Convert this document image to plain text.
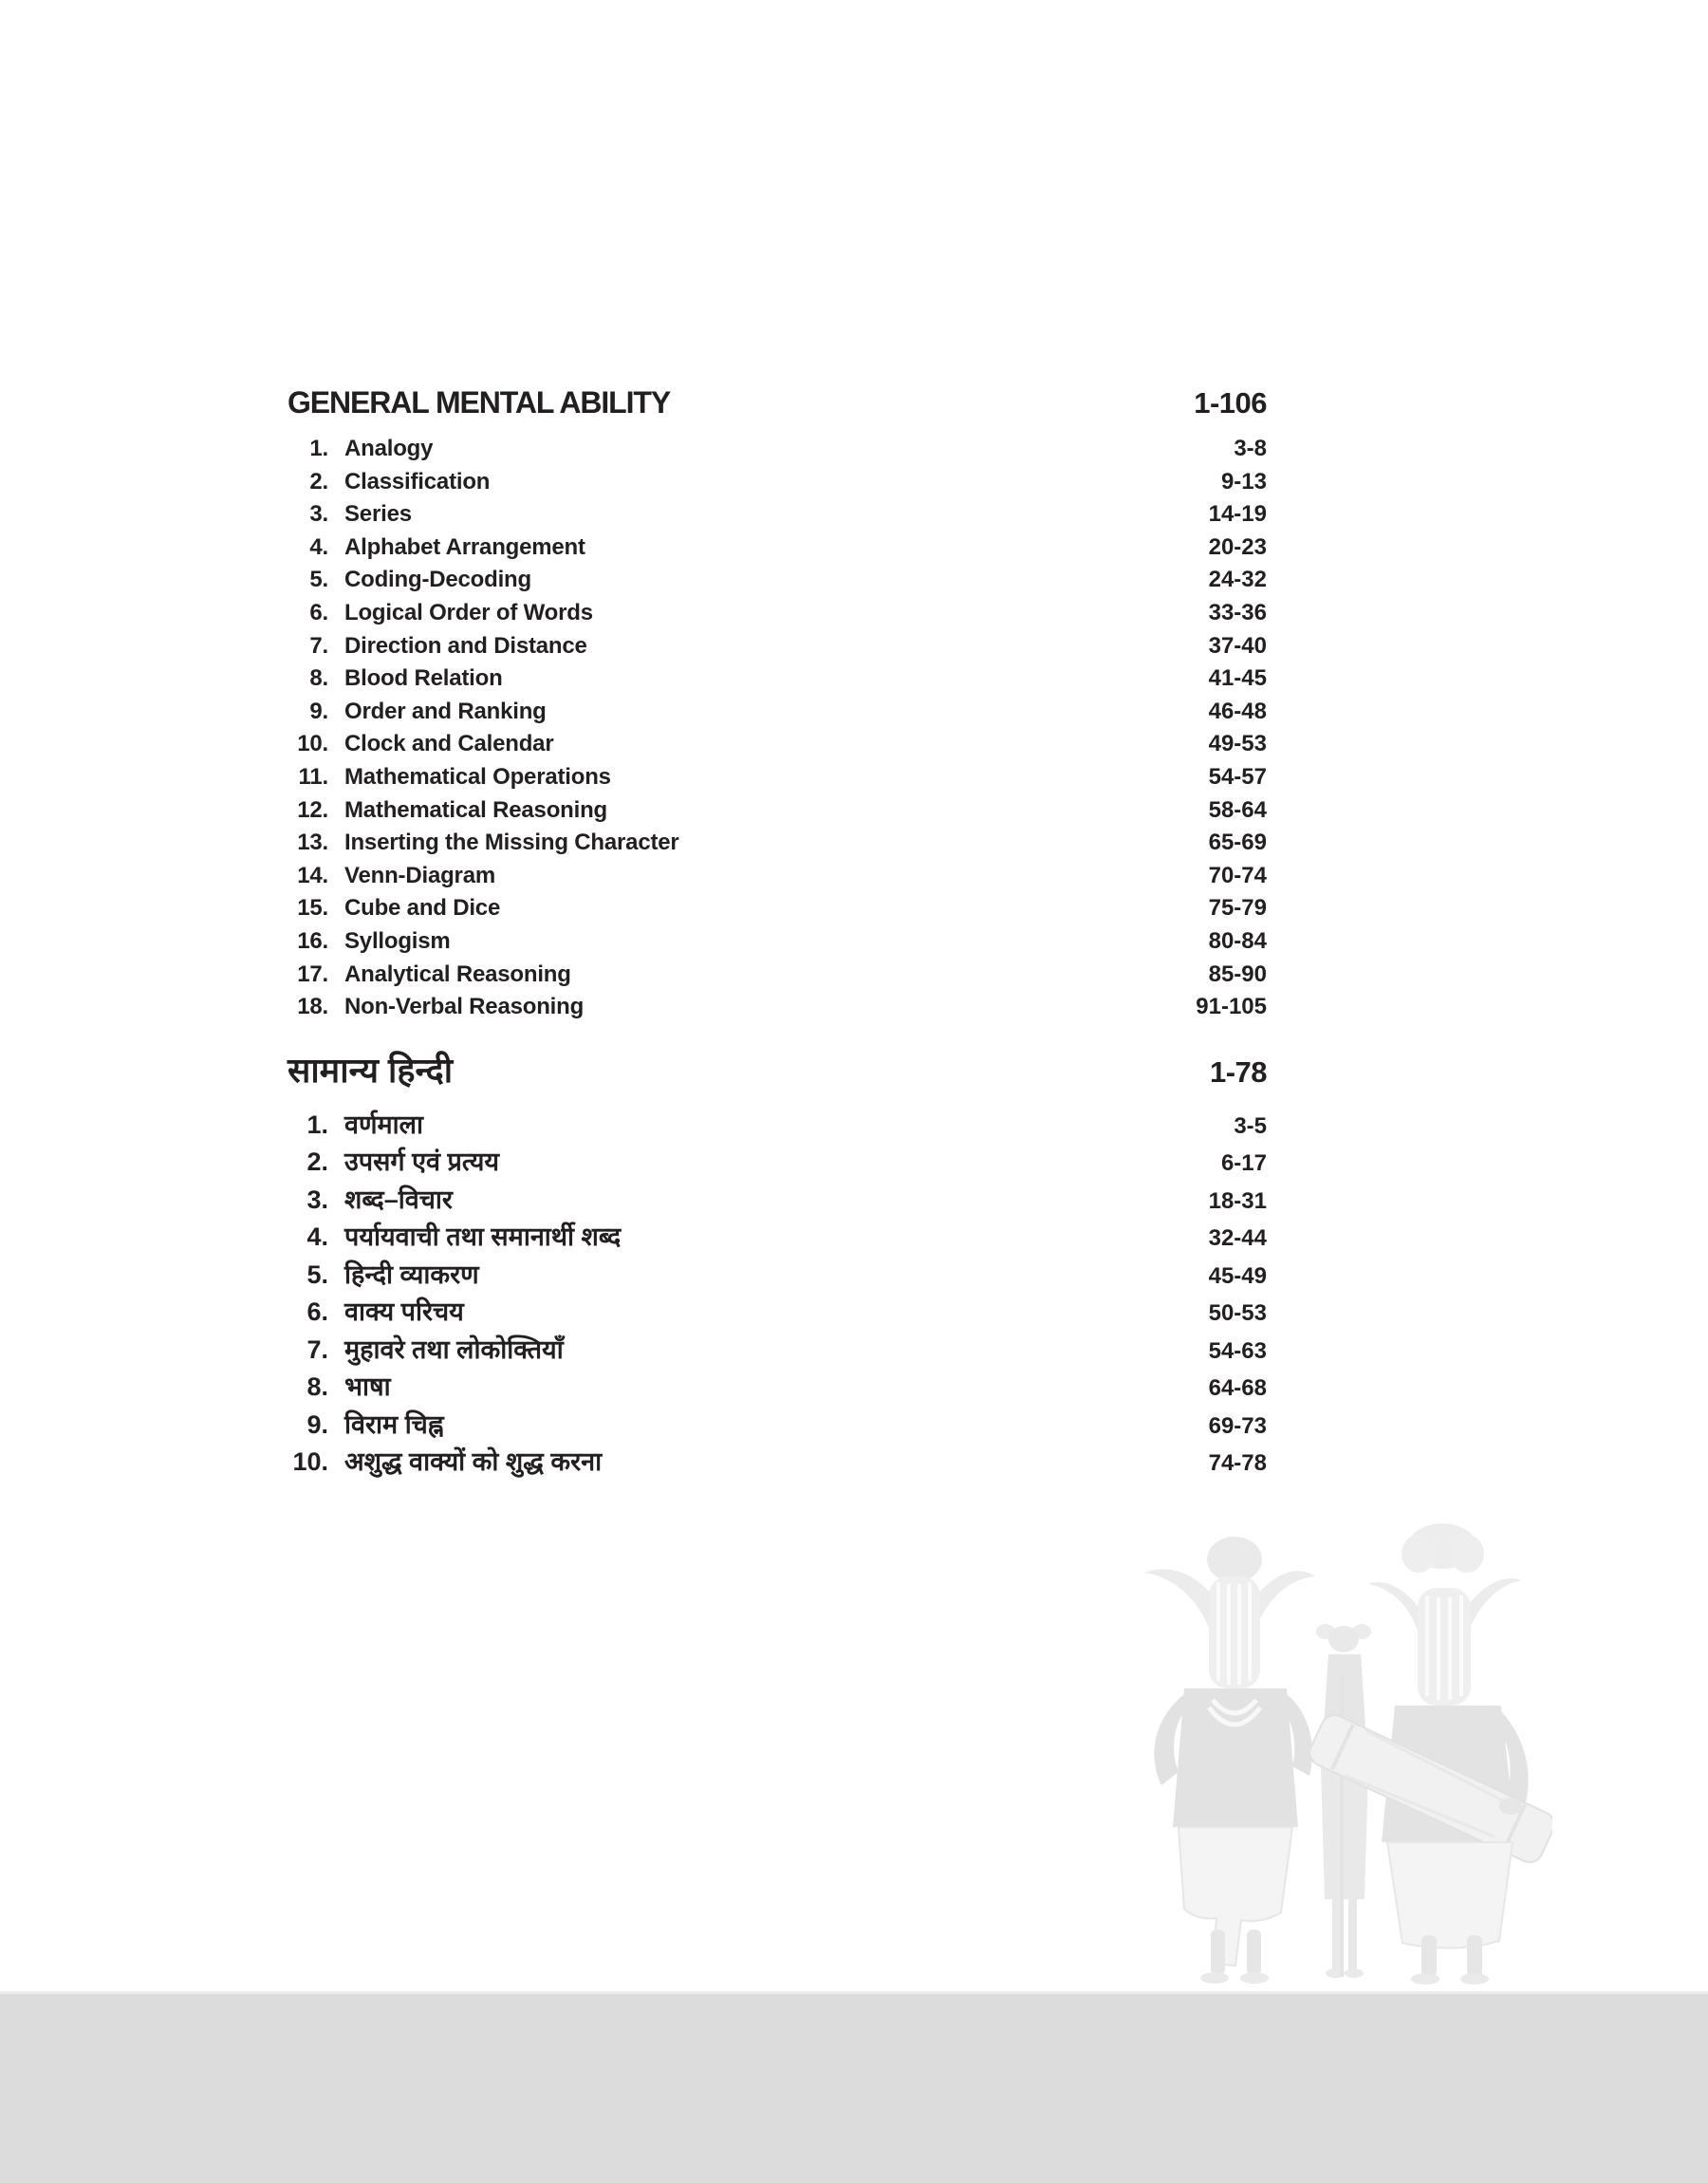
GENERAL MENTAL ABILITY	1-106
1. Analogy	3-8
2. Classification	9-13
3. Series	14-19
4. Alphabet Arrangement	20-23
5. Coding-Decoding	24-32
6. Logical Order of Words	33-36
7. Direction and Distance	37-40
8. Blood Relation	41-45
9. Order and Ranking	46-48
10. Clock and Calendar	49-53
11. Mathematical Operations	54-57
12. Mathematical Reasoning	58-64
13. Inserting the Missing Character	65-69
14. Venn-Diagram	70-74
15. Cube and Dice	75-79
16. Syllogism	80-84
17. Analytical Reasoning	85-90
18. Non-Verbal Reasoning	91-105
सामान्य हिन्दी	1-78
1. वर्णमाला	3-5
2. उपसर्ग एवं प्रत्यय	6-17
3. शब्द–विचार	18-31
4. पर्यायवाची तथा समानार्थी शब्द	32-44
5. हिन्दी व्याकरण	45-49
6. वाक्य परिचय	50-53
7. मुहावरे तथा लोकोक्तियाँ	54-63
8. भाषा	64-68
9. विराम चिह्न	69-73
10. अशुद्ध वाक्यों को शुद्ध करना	74-78
